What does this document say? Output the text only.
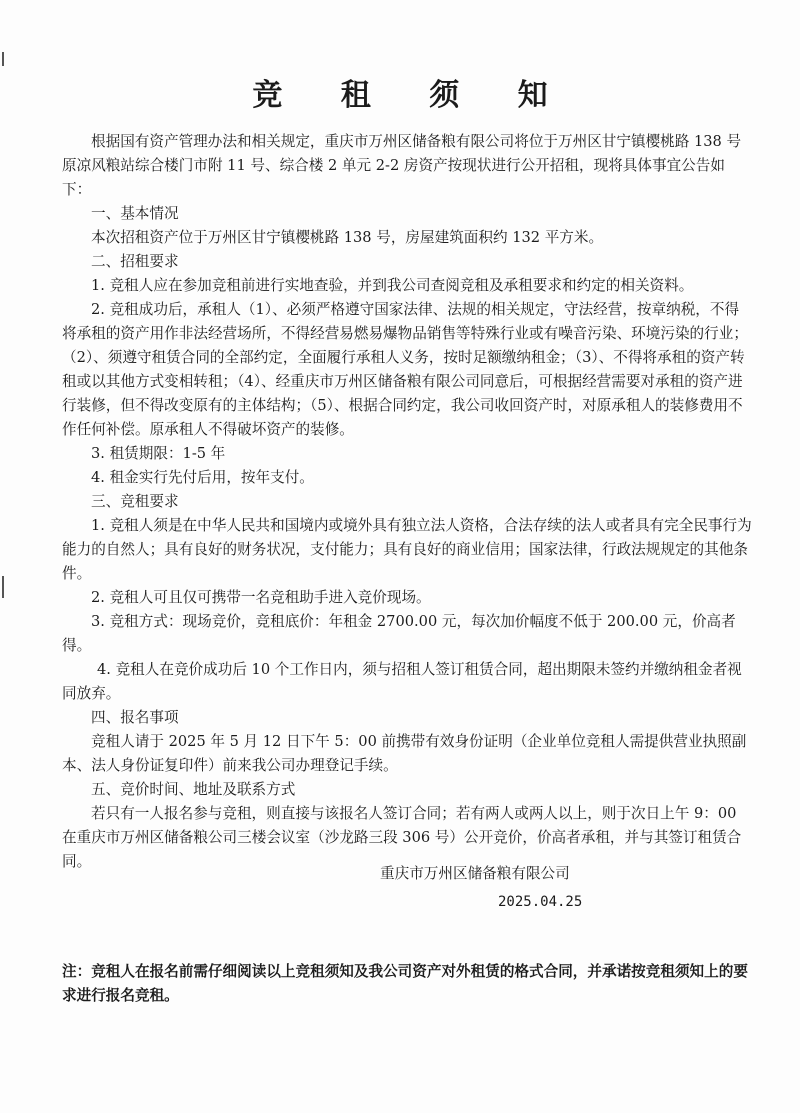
竞 租 须 知

根据国有资产管理办法和相关规定，重庆市万州区储备粮有限公司将位于万州区甘宁镇樱桃路 138 号原凉风粮站综合楼门市附 11 号、综合楼 2 单元 2-2 房资产按现状进行公开招租，现将具体事宜公告如下：

一、基本情况

本次招租资产位于万州区甘宁镇樱桃路 138 号，房屋建筑面积约 132 平方米。

二、招租要求

1. 竞租人应在参加竞租前进行实地查验，并到我公司查阅竞租及承租要求和约定的相关资料。

2. 竞租成功后，承租人（1）、必须严格遵守国家法律、法规的相关规定，守法经营，按章纳税，不得将承租的资产用作非法经营场所，不得经营易燃易爆物品销售等特殊行业或有噪音污染、环境污染的行业；（2）、须遵守租赁合同的全部约定，全面履行承租人义务，按时足额缴纳租金；（3）、不得将承租的资产转租或以其他方式变相转租；（4）、经重庆市万州区储备粮有限公司同意后，可根据经营需要对承租的资产进行装修，但不得改变原有的主体结构；（5）、根据合同约定，我公司收回资产时，对原承租人的装修费用不作任何补偿。原承租人不得破坏资产的装修。

3. 租赁期限：1-5 年

4. 租金实行先付后用，按年支付。

三、竞租要求

1. 竞租人须是在中华人民共和国境内或境外具有独立法人资格，合法存续的法人或者具有完全民事行为能力的自然人；具有良好的财务状况，支付能力；具有良好的商业信用；国家法律，行政法规规定的其他条件。

2. 竞租人可且仅可携带一名竞租助手进入竞价现场。

3. 竞租方式：现场竞价，竞租底价：年租金 2700.00 元，每次加价幅度不低于 200.00 元，价高者得。

4. 竞租人在竞价成功后 10 个工作日内，须与招租人签订租赁合同，超出期限未签约并缴纳租金者视同放弃。

四、报名事项

竞租人请于 2025 年 5 月 12 日下午 5：00 前携带有效身份证明（企业单位竞租人需提供营业执照副本、法人身份证复印件）前来我公司办理登记手续。

五、竞价时间、地址及联系方式

若只有一人报名参与竞租，则直接与该报名人签订合同；若有两人或两人以上，则于次日上午 9：00 在重庆市万州区储备粮公司三楼会议室（沙龙路三段 306 号）公开竞价，价高者承租，并与其签订租赁合同。

重庆市万州区储备粮有限公司
2025.04.25

注：竞租人在报名前需仔细阅读以上竞租须知及我公司资产对外租赁的格式合同，并承诺按竞租须知上的要求进行报名竞租。
